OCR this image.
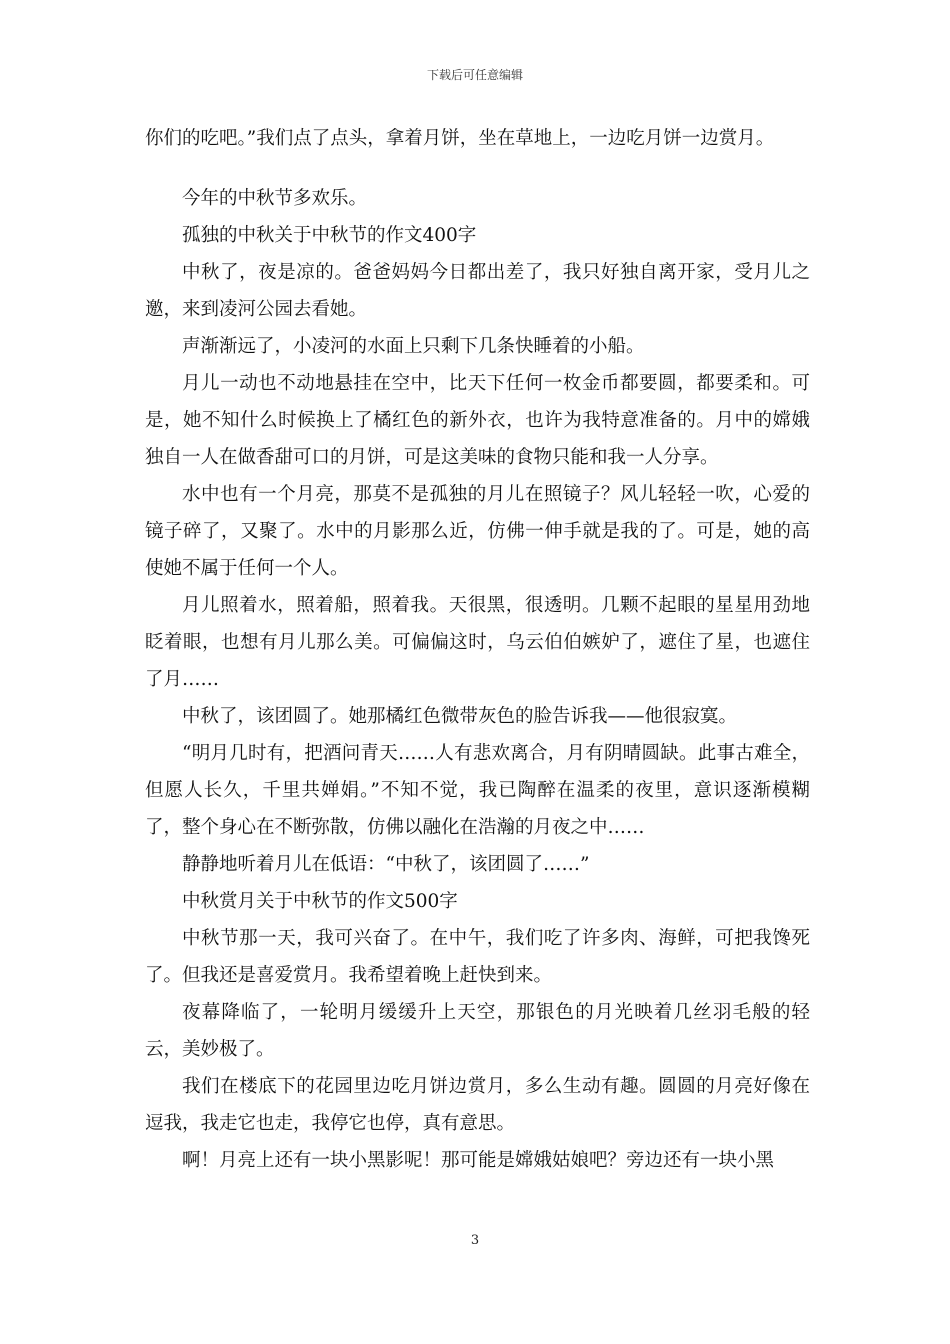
下载后可任意编辑

你们的吃吧。”我们点了点头，拿着月饼，坐在草地上，一边吃月饼一边赏月。

今年的中秋节多欢乐。

孤独的中秋关于中秋节的作文400字

中秋了，夜是凉的。爸爸妈妈今日都出差了，我只好独自离开家，受月儿之邀，来到凌河公园去看她。

声渐渐远了，小凌河的水面上只剩下几条快睡着的小船。

月儿一动也不动地悬挂在空中，比天下任何一枚金币都要圆，都要柔和。可是，她不知什么时候换上了橘红色的新外衣，也许为我特意准备的。月中的嫦娥独自一人在做香甜可口的月饼，可是这美味的食物只能和我一人分享。

水中也有一个月亮，那莫不是孤独的月儿在照镜子？风儿轻轻一吹，心爱的镜子碎了，又聚了。水中的月影那么近，仿佛一伸手就是我的了。可是，她的高使她不属于任何一个人。

月儿照着水，照着船，照着我。天很黑，很透明。几颗不起眼的星星用劲地眨着眼，也想有月儿那么美。可偏偏这时，乌云伯伯嫉妒了，遮住了星，也遮住了月……

中秋了，该团圆了。她那橘红色微带灰色的脸告诉我——他很寂寞。

“明月几时有，把酒问青天……人有悲欢离合，月有阴晴圆缺。此事古难全，但愿人长久，千里共婵娟。”不知不觉，我已陶醉在温柔的夜里，意识逐渐模糊了，整个身心在不断弥散，仿佛以融化在浩瀚的月夜之中……

静静地听着月儿在低语：“中秋了，该团圆了……”

中秋赏月关于中秋节的作文500字

中秋节那一天，我可兴奋了。在中午，我们吃了许多肉、海鲜，可把我馋死了。但我还是喜爱赏月。我希望着晚上赶快到来。

夜幕降临了，一轮明月缓缓升上天空，那银色的月光映着几丝羽毛般的轻云，美妙极了。

我们在楼底下的花园里边吃月饼边赏月，多么生动有趣。圆圆的月亮好像在逗我，我走它也走，我停它也停，真有意思。

啊！月亮上还有一块小黑影呢！那可能是嫦娥姑娘吧？旁边还有一块小黑

3
